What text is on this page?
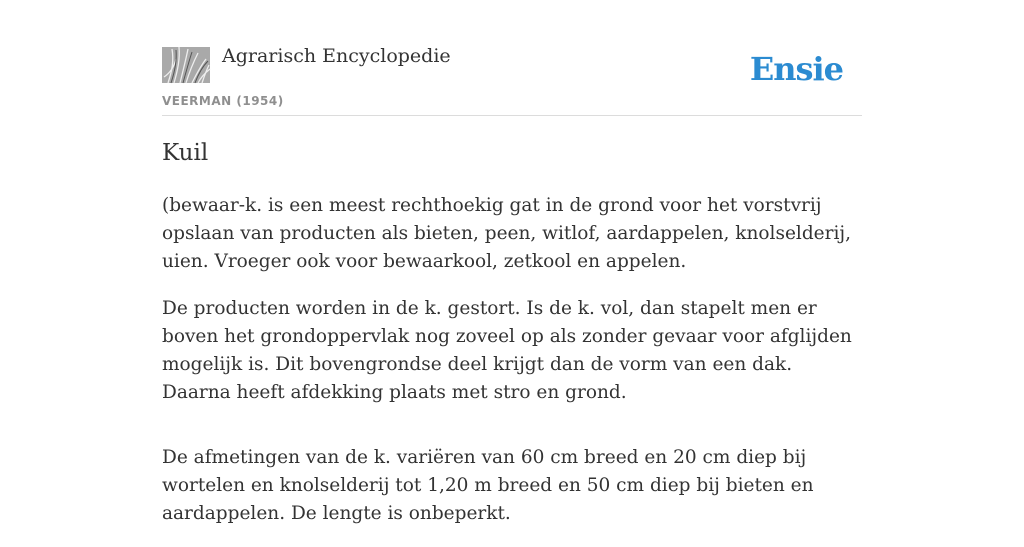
Agrarisch Encyclopedie
VEERMAN (1954)
Ensie
Kuil

(bewaar-k. is een meest rechthoekig gat in de grond voor het vorstvrij opslaan van producten als bieten, peen, witlof, aardappelen, knolselderij, uien. Vroeger ook voor bewaarkool, zetkool en appelen.

De producten worden in de k. gestort. Is de k. vol, dan stapelt men er boven het grondoppervlak nog zoveel op als zonder gevaar voor afglijden mogelijk is. Dit bovengrondse deel krijgt dan de vorm van een dak. Daarna heeft afdekking plaats met stro en grond.

De afmetingen van de k. variëren van 60 cm breed en 20 cm diep bij wortelen en knolselderij tot 1,20 m breed en 50 cm diep bij bieten en aardappelen. De lengte is onbeperkt.
